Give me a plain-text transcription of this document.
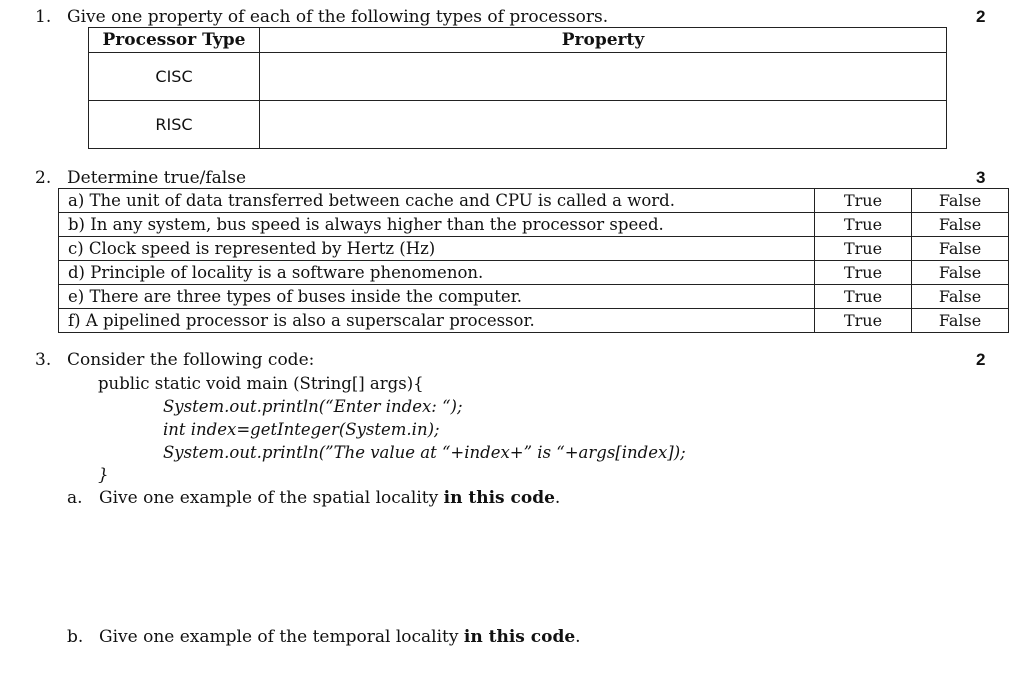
1. Give one property of each of the following types of processors.	2
Processor Type	Property
CISC	
RISC	
2. Determine true/false	3
a) The unit of data transferred between cache and CPU is called a word.	True	False
b) In any system, bus speed is always higher than the processor speed.	True	False
c) Clock speed is represented by Hertz (Hz)	True	False
d) Principle of locality is a software phenomenon.	True	False
e) There are three types of buses inside the computer.	True	False
f) A pipelined processor is also a superscalar processor.	True	False
3. Consider the following code:	2
public static void main (String[] args){
System.out.println(“Enter index: “);
int index=getInteger(System.in);
System.out.println(”The value at “+index+” is “+args[index]);
}
a. Give one example of the spatial locality in this code.
b. Give one example of the temporal locality in this code.
